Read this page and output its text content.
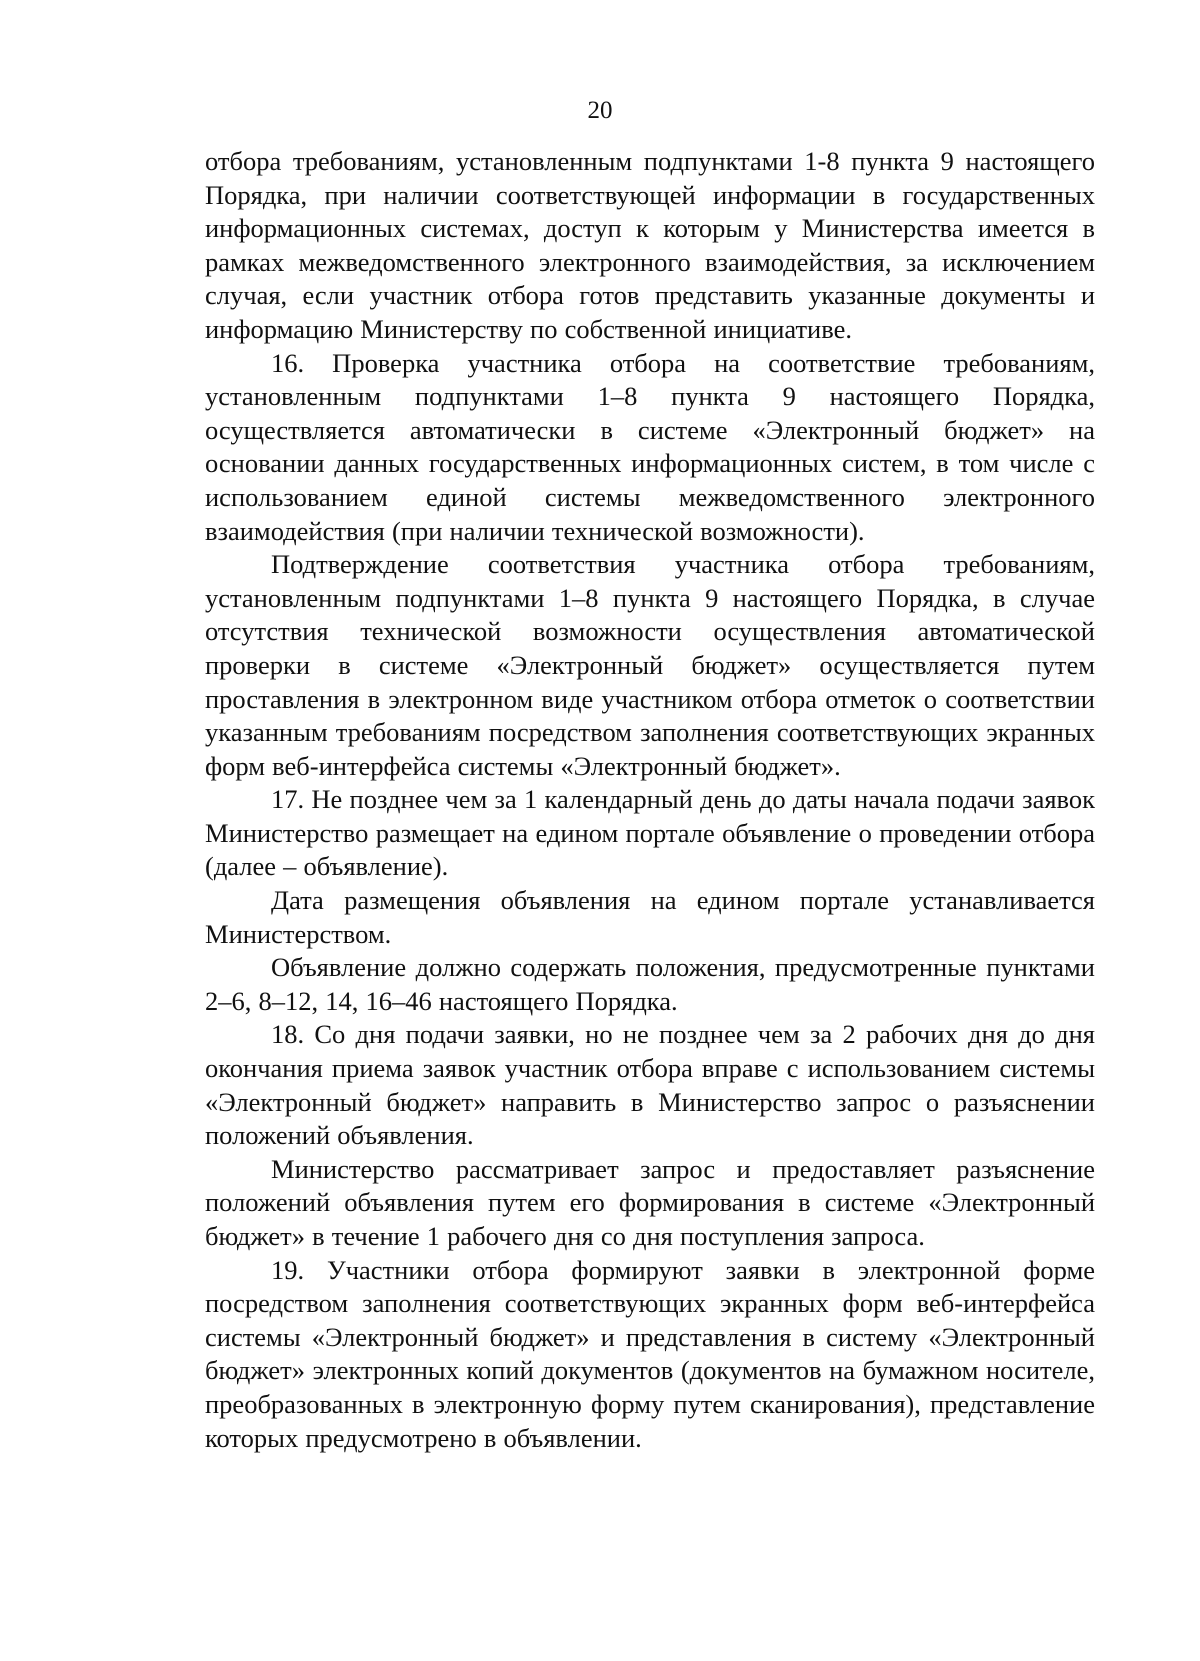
20

отбора требованиям, установленным подпунктами 1-8 пункта 9 настоящего Порядка, при наличии соответствующей информации в государственных информационных системах, доступ к которым у Министерства имеется в рамках межведомственного электронного взаимодействия, за исключением случая, если участник отбора готов представить указанные документы и информацию Министерству по собственной инициативе.

16. Проверка участника отбора на соответствие требованиям, установленным подпунктами 1–8 пункта 9 настоящего Порядка, осуществляется автоматически в системе «Электронный бюджет» на основании данных государственных информационных систем, в том числе с использованием единой системы межведомственного электронного взаимодействия (при наличии технической возможности).

Подтверждение соответствия участника отбора требованиям, установленным подпунктами 1–8 пункта 9 настоящего Порядка, в случае отсутствия технической возможности осуществления автоматической проверки в системе «Электронный бюджет» осуществляется путем проставления в электронном виде участником отбора отметок о соответствии указанным требованиям посредством заполнения соответствующих экранных форм веб-интерфейса системы «Электронный бюджет».

17. Не позднее чем за 1 календарный день до даты начала подачи заявок Министерство размещает на едином портале объявление о проведении отбора (далее – объявление).

Дата размещения объявления на едином портале устанавливается Министерством.

Объявление должно содержать положения, предусмотренные пунктами 2–6, 8–12, 14, 16–46 настоящего Порядка.

18. Со дня подачи заявки, но не позднее чем за 2 рабочих дня до дня окончания приема заявок участник отбора вправе с использованием системы «Электронный бюджет» направить в Министерство запрос о разъяснении положений объявления.

Министерство рассматривает запрос и предоставляет разъяснение положений объявления путем его формирования в системе «Электронный бюджет» в течение 1 рабочего дня со дня поступления запроса.

19. Участники отбора формируют заявки в электронной форме посредством заполнения соответствующих экранных форм веб-интерфейса системы «Электронный бюджет» и представления в систему «Электронный бюджет» электронных копий документов (документов на бумажном носителе, преобразованных в электронную форму путем сканирования), представление которых предусмотрено в объявлении.
